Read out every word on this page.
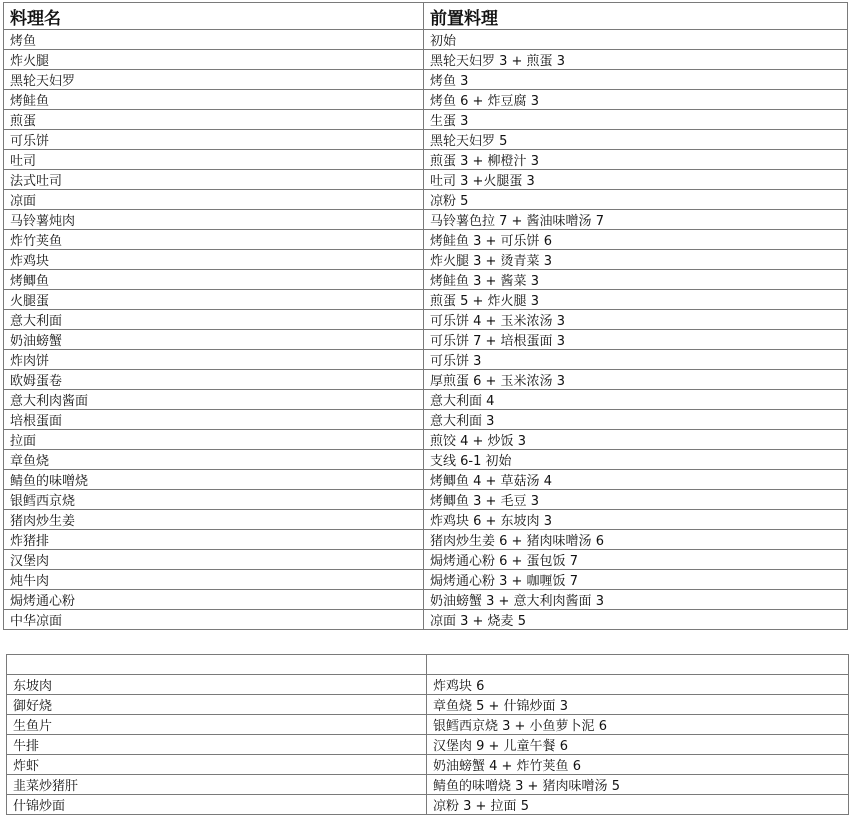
料理名	前置料理
烤鱼	初始
炸火腿	黑轮天妇罗 3 + 煎蛋 3
黑轮天妇罗	烤鱼 3
烤鲑鱼	烤鱼 6 + 炸豆腐 3
煎蛋	生蛋 3
可乐饼	黑轮天妇罗 5
吐司	煎蛋 3 + 柳橙汁 3
法式吐司	吐司 3 +火腿蛋 3
凉面	凉粉 5
马铃薯炖肉	马铃薯色拉 7 + 酱油味噌汤 7
炸竹荚鱼	烤鲑鱼 3 + 可乐饼 6
炸鸡块	炸火腿 3 + 烫青菜 3
烤鲫鱼	烤鲑鱼 3 + 酱菜 3
火腿蛋	煎蛋 5 + 炸火腿 3
意大利面	可乐饼 4 + 玉米浓汤 3
奶油螃蟹	可乐饼 7 + 培根蛋面 3
炸肉饼	可乐饼 3
欧姆蛋卷	厚煎蛋 6 + 玉米浓汤 3
意大利肉酱面	意大利面 4
培根蛋面	意大利面 3
拉面	煎饺 4 + 炒饭 3
章鱼烧	支线 6-1 初始
鲭鱼的味噌烧	烤鲫鱼 4 + 草菇汤 4
银鳕西京烧	烤鲫鱼 3 + 毛豆 3
猪肉炒生姜	炸鸡块 6 + 东坡肉 3
炸猪排	猪肉炒生姜 6 + 猪肉味噌汤 6
汉堡肉	焗烤通心粉 6 + 蛋包饭 7
炖牛肉	焗烤通心粉 3 + 咖喱饭 7
焗烤通心粉	奶油螃蟹 3 + 意大利肉酱面 3
中华凉面	凉面 3 + 烧麦 5

东坡肉	炸鸡块 6
御好烧	章鱼烧 5 + 什锦炒面 3
生鱼片	银鳕西京烧 3 + 小鱼萝卜泥 6
牛排	汉堡肉 9 + 儿童午餐 6
炸虾	奶油螃蟹 4 + 炸竹荚鱼 6
韭菜炒猪肝	鲭鱼的味噌烧 3 + 猪肉味噌汤 5
什锦炒面	凉粉 3 + 拉面 5
